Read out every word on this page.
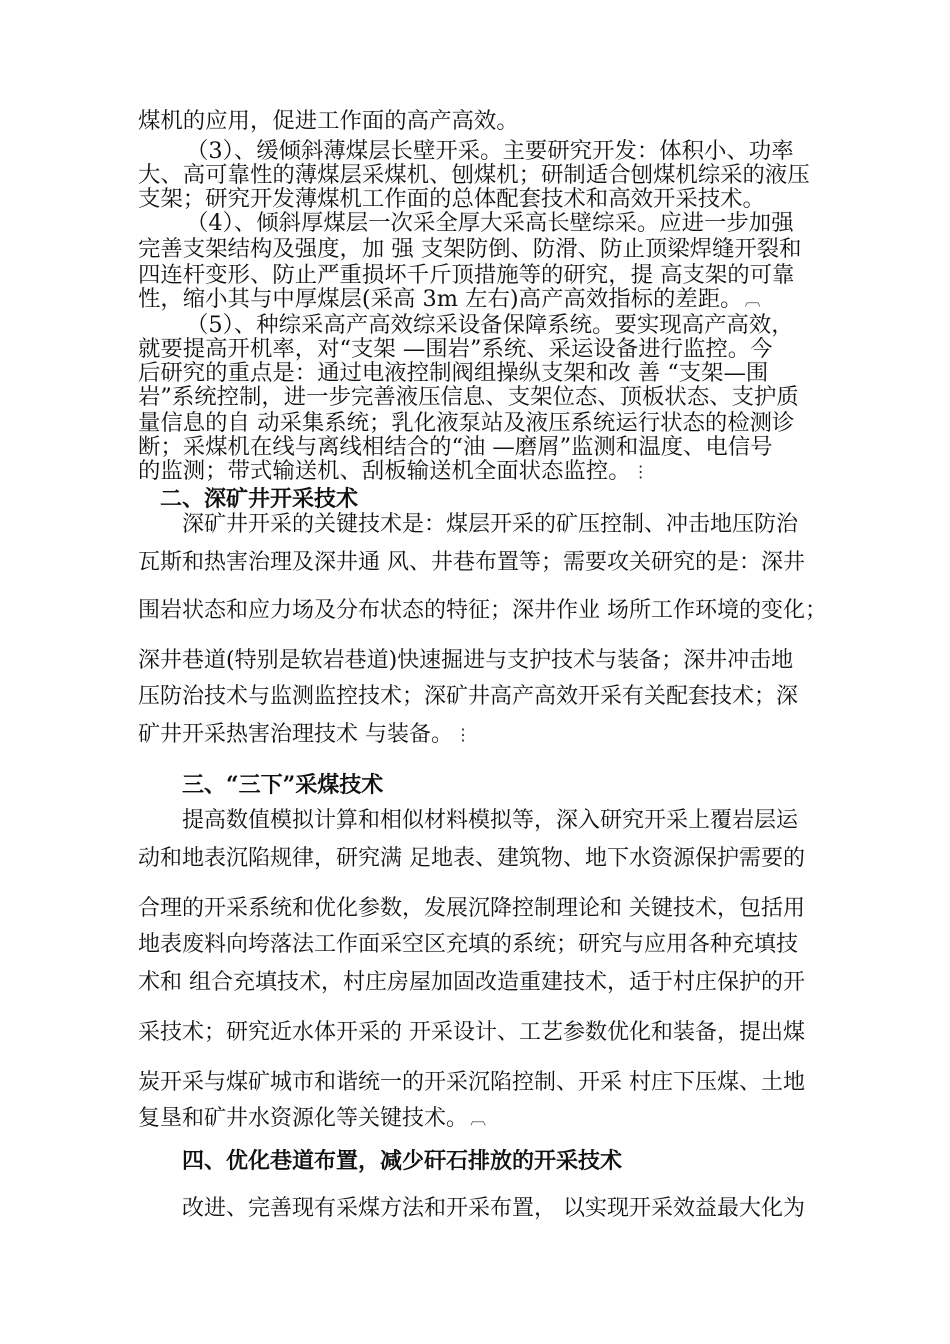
煤机的应用，促进工作面的高产高效。
（3）、缓倾斜薄煤层长壁开采。主要研究开发：体积小、功率
大、高可靠性的薄煤层采煤机、刨煤机；研制适合刨煤机综采的液压
支架；研究开发薄煤机工作面的总体配套技术和高效开采技术。
（4）、倾斜厚煤层一次采全厚大采高长壁综采。应进一步加强
完善支架结构及强度，加 强 支架防倒、防滑、防止顶梁焊缝开裂和
四连杆变形、防止严重损坏千斤顶措施等的研究，提 高支架的可靠
性，缩小其与中厚煤层(采高 3m 左右)高产高效指标的差距。 ︹
（5）、种综采高产高效综采设备保障系统。要实现高产高效，
就要提高开机率，对“支架 —围岩”系统、采运设备进行监控。今
后研究的重点是：通过电液控制阀组操纵支架和改 善 “支架—围
岩”系统控制，进一步完善液压信息、支架位态、顶板状态、支护质
量信息的自 动采集系统；乳化液泵站及液压系统运行状态的检测诊
断；采煤机在线与离线相结合的“油 —磨屑”监测和温度、电信号
的监测；带式输送机、刮板输送机全面状态监控。 ⋮
二、深矿井开采技术
深矿井开采的关键技术是：煤层开采的矿压控制、冲击地压防治
瓦斯和热害治理及深井通 风、井巷布置等；需要攻关研究的是：深井
围岩状态和应力场及分布状态的特征；深井作业 场所工作环境的变化；
深井巷道(特别是软岩巷道)快速掘进与支护技术与装备；深井冲击地
压防治技术与监测监控技术；深矿井高产高效开采有关配套技术；深
矿井开采热害治理技术 与装备。 ⋮
三、“三下”采煤技术
提高数值模拟计算和相似材料模拟等，深入研究开采上覆岩层运
动和地表沉陷规律，研究满 足地表、建筑物、地下水资源保护需要的
合理的开采系统和优化参数，发展沉降控制理论和 关键技术，包括用
地表废料向垮落法工作面采空区充填的系统；研究与应用各种充填技
术和 组合充填技术，村庄房屋加固改造重建技术，适于村庄保护的开
采技术；研究近水体开采的 开采设计、工艺参数优化和装备，提出煤
炭开采与煤矿城市和谐统一的开采沉陷控制、开采 村庄下压煤、土地
复垦和矿井水资源化等关键技术。 ︹
四、优化巷道布置，减少矸石排放的开采技术
改进、完善现有采煤方法和开采布置， 以实现开采效益最大化为
